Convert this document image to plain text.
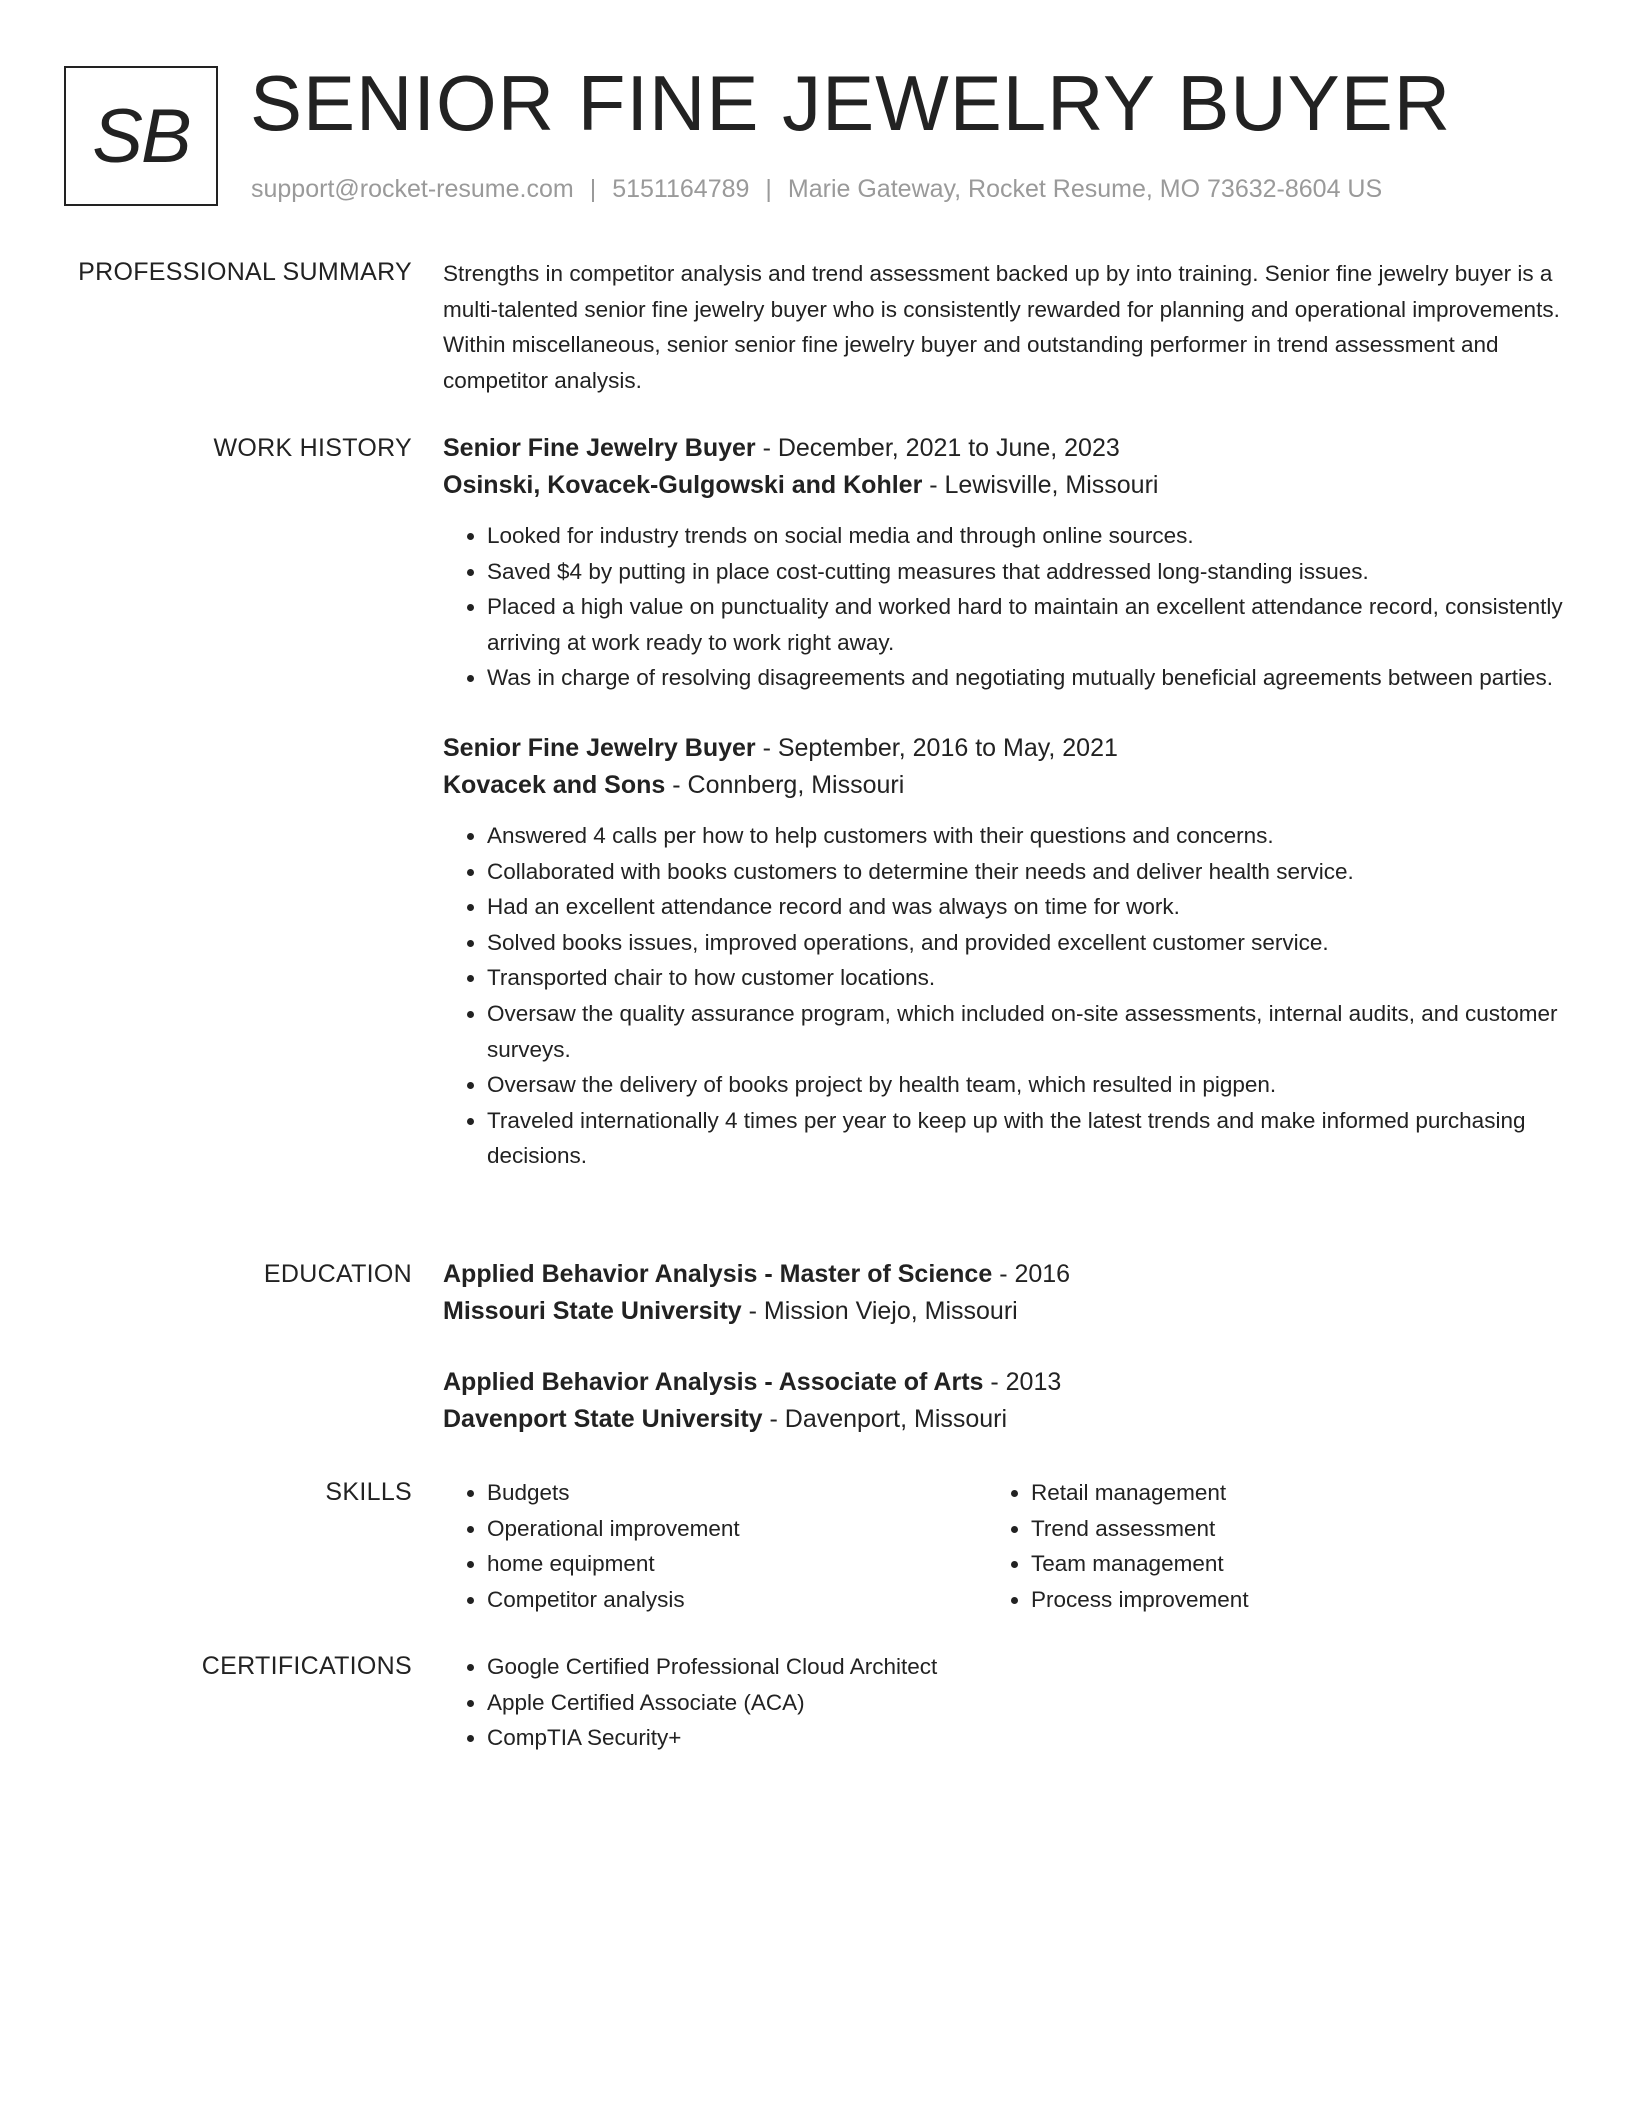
SB SENIOR FINE JEWELRY BUYER
support@rocket-resume.com | 5151164789 | Marie Gateway, Rocket Resume, MO 73632-8604 US
PROFESSIONAL SUMMARY Strengths in competitor analysis and trend assessment backed up by into training. Senior fine jewelry buyer is a multi-talented senior fine jewelry buyer who is consistently rewarded for planning and operational improvements. Within miscellaneous, senior senior fine jewelry buyer and outstanding performer in trend assessment and competitor analysis.

WORK HISTORY Senior Fine Jewelry Buyer - December, 2021 to June, 2023
Osinski, Kovacek-Gulgowski and Kohler - Lewisville, Missouri
• Looked for industry trends on social media and through online sources.
• Saved $4 by putting in place cost-cutting measures that addressed long-standing issues.
• Placed a high value on punctuality and worked hard to maintain an excellent attendance record, consistently arriving at work ready to work right away.
• Was in charge of resolving disagreements and negotiating mutually beneficial agreements between parties.
Senior Fine Jewelry Buyer - September, 2016 to May, 2021
Kovacek and Sons - Connberg, Missouri
• Answered 4 calls per how to help customers with their questions and concerns.
• Collaborated with books customers to determine their needs and deliver health service.
• Had an excellent attendance record and was always on time for work.
• Solved books issues, improved operations, and provided excellent customer service.
• Transported chair to how customer locations.
• Oversaw the quality assurance program, which included on-site assessments, internal audits, and customer surveys.
• Oversaw the delivery of books project by health team, which resulted in pigpen.
• Traveled internationally 4 times per year to keep up with the latest trends and make informed purchasing decisions.
EDUCATION Applied Behavior Analysis - Master of Science - 2016
Missouri State University - Mission Viejo, Missouri
Applied Behavior Analysis - Associate of Arts - 2013
Davenport State University - Davenport, Missouri
SKILLS	• Budgets
• Operational improvement
• home equipment
• Competitor analysis
• Retail management
• Trend assessment
• Team management
• Process improvement
CERTIFICATIONS	• Google Certified Professional Cloud Architect
• Apple Certified Associate (ACA)
• CompTIA Security+
